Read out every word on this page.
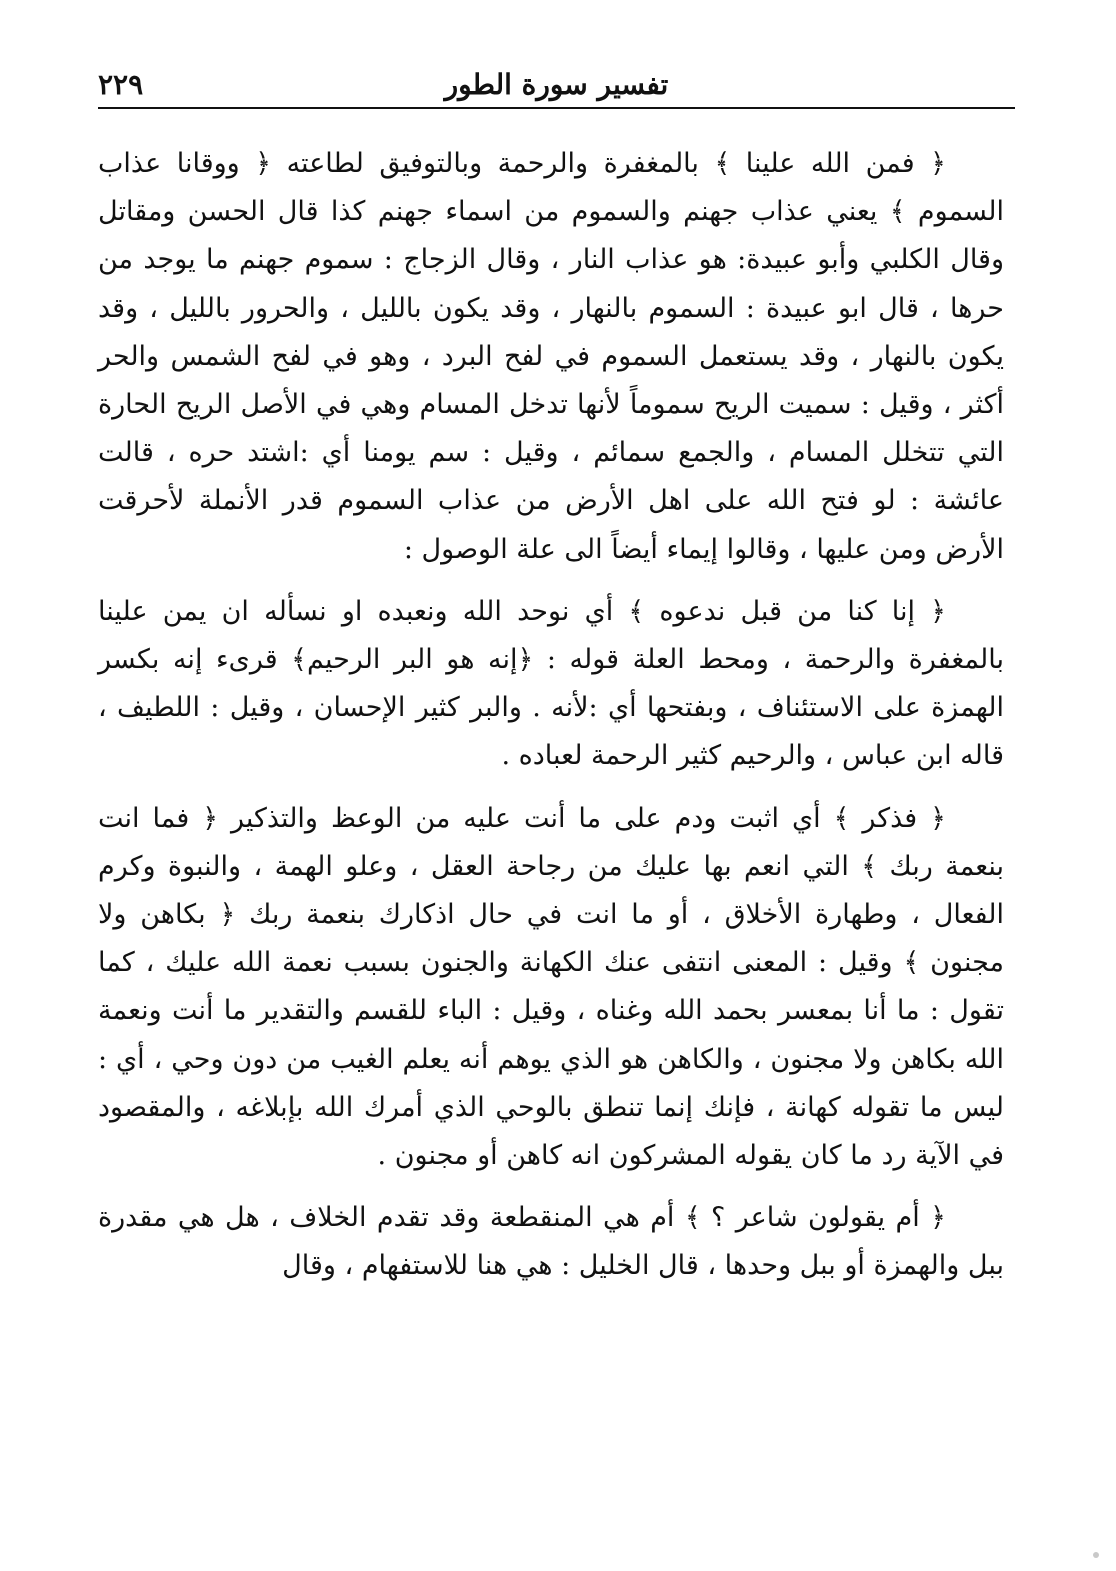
تفسير سورة الطور
٢٢٩

﴿ فمن الله علينا ﴾ بالمغفرة والرحمة وبالتوفيق لطاعته ﴿ ووقانا عذاب السموم ﴾ يعني عذاب جهنم والسموم من اسماء جهنم كذا قال الحسن ومقاتل وقال الكلبي وأبو عبيدة: هو عذاب النار ، وقال الزجاج : سموم جهنم ما يوجد من حرها ، قال ابو عبيدة : السموم بالنهار ، وقد يكون بالليل ، والحرور بالليل ، وقد يكون بالنهار ، وقد يستعمل السموم في لفح البرد ، وهو في لفح الشمس والحر أكثر ، وقيل : سميت الريح سموماً لأنها تدخل المسام وهي في الأصل الريح الحارة التي تتخلل المسام ، والجمع سمائم ، وقيل : سم يومنا أي :اشتد حره ، قالت عائشة : لو فتح الله على اهل الأرض من عذاب السموم قدر الأنملة لأحرقت الأرض ومن عليها ، وقالوا إيماء أيضاً الى علة الوصول :

﴿ إنا كنا من قبل ندعوه ﴾ أي نوحد الله ونعبده او نسأله ان يمن علينا بالمغفرة والرحمة ، ومحط العلة قوله : ﴿إنه هو البر الرحيم﴾ قرىء إنه بكسر الهمزة على الاستئناف ، وبفتحها أي :لأنه . والبر كثير الإحسان ، وقيل : اللطيف ، قاله ابن عباس ، والرحيم كثير الرحمة لعباده .

﴿ فذكر ﴾ أي اثبت ودم على ما أنت عليه من الوعظ والتذكير ﴿ فما انت بنعمة ربك ﴾ التي انعم بها عليك من رجاحة العقل ، وعلو الهمة ، والنبوة وكرم الفعال ، وطهارة الأخلاق ، أو ما انت في حال اذكارك بنعمة ربك ﴿ بكاهن ولا مجنون ﴾ وقيل : المعنى انتفى عنك الكهانة والجنون بسبب نعمة الله عليك ، كما تقول : ما أنا بمعسر بحمد الله وغناه ، وقيل : الباء للقسم والتقدير ما أنت ونعمة الله بكاهن ولا مجنون ، والكاهن هو الذي يوهم أنه يعلم الغيب من دون وحي ، أي : ليس ما تقوله كهانة ، فإنك إنما تنطق بالوحي الذي أمرك الله بإبلاغه ، والمقصود في الآية رد ما كان يقوله المشركون انه كاهن أو مجنون .

﴿ أم يقولون شاعر ؟ ﴾ أم هي المنقطعة وقد تقدم الخلاف ، هل هي مقدرة ببل والهمزة أو ببل وحدها ، قال الخليل : هي هنا للاستفهام ، وقال
